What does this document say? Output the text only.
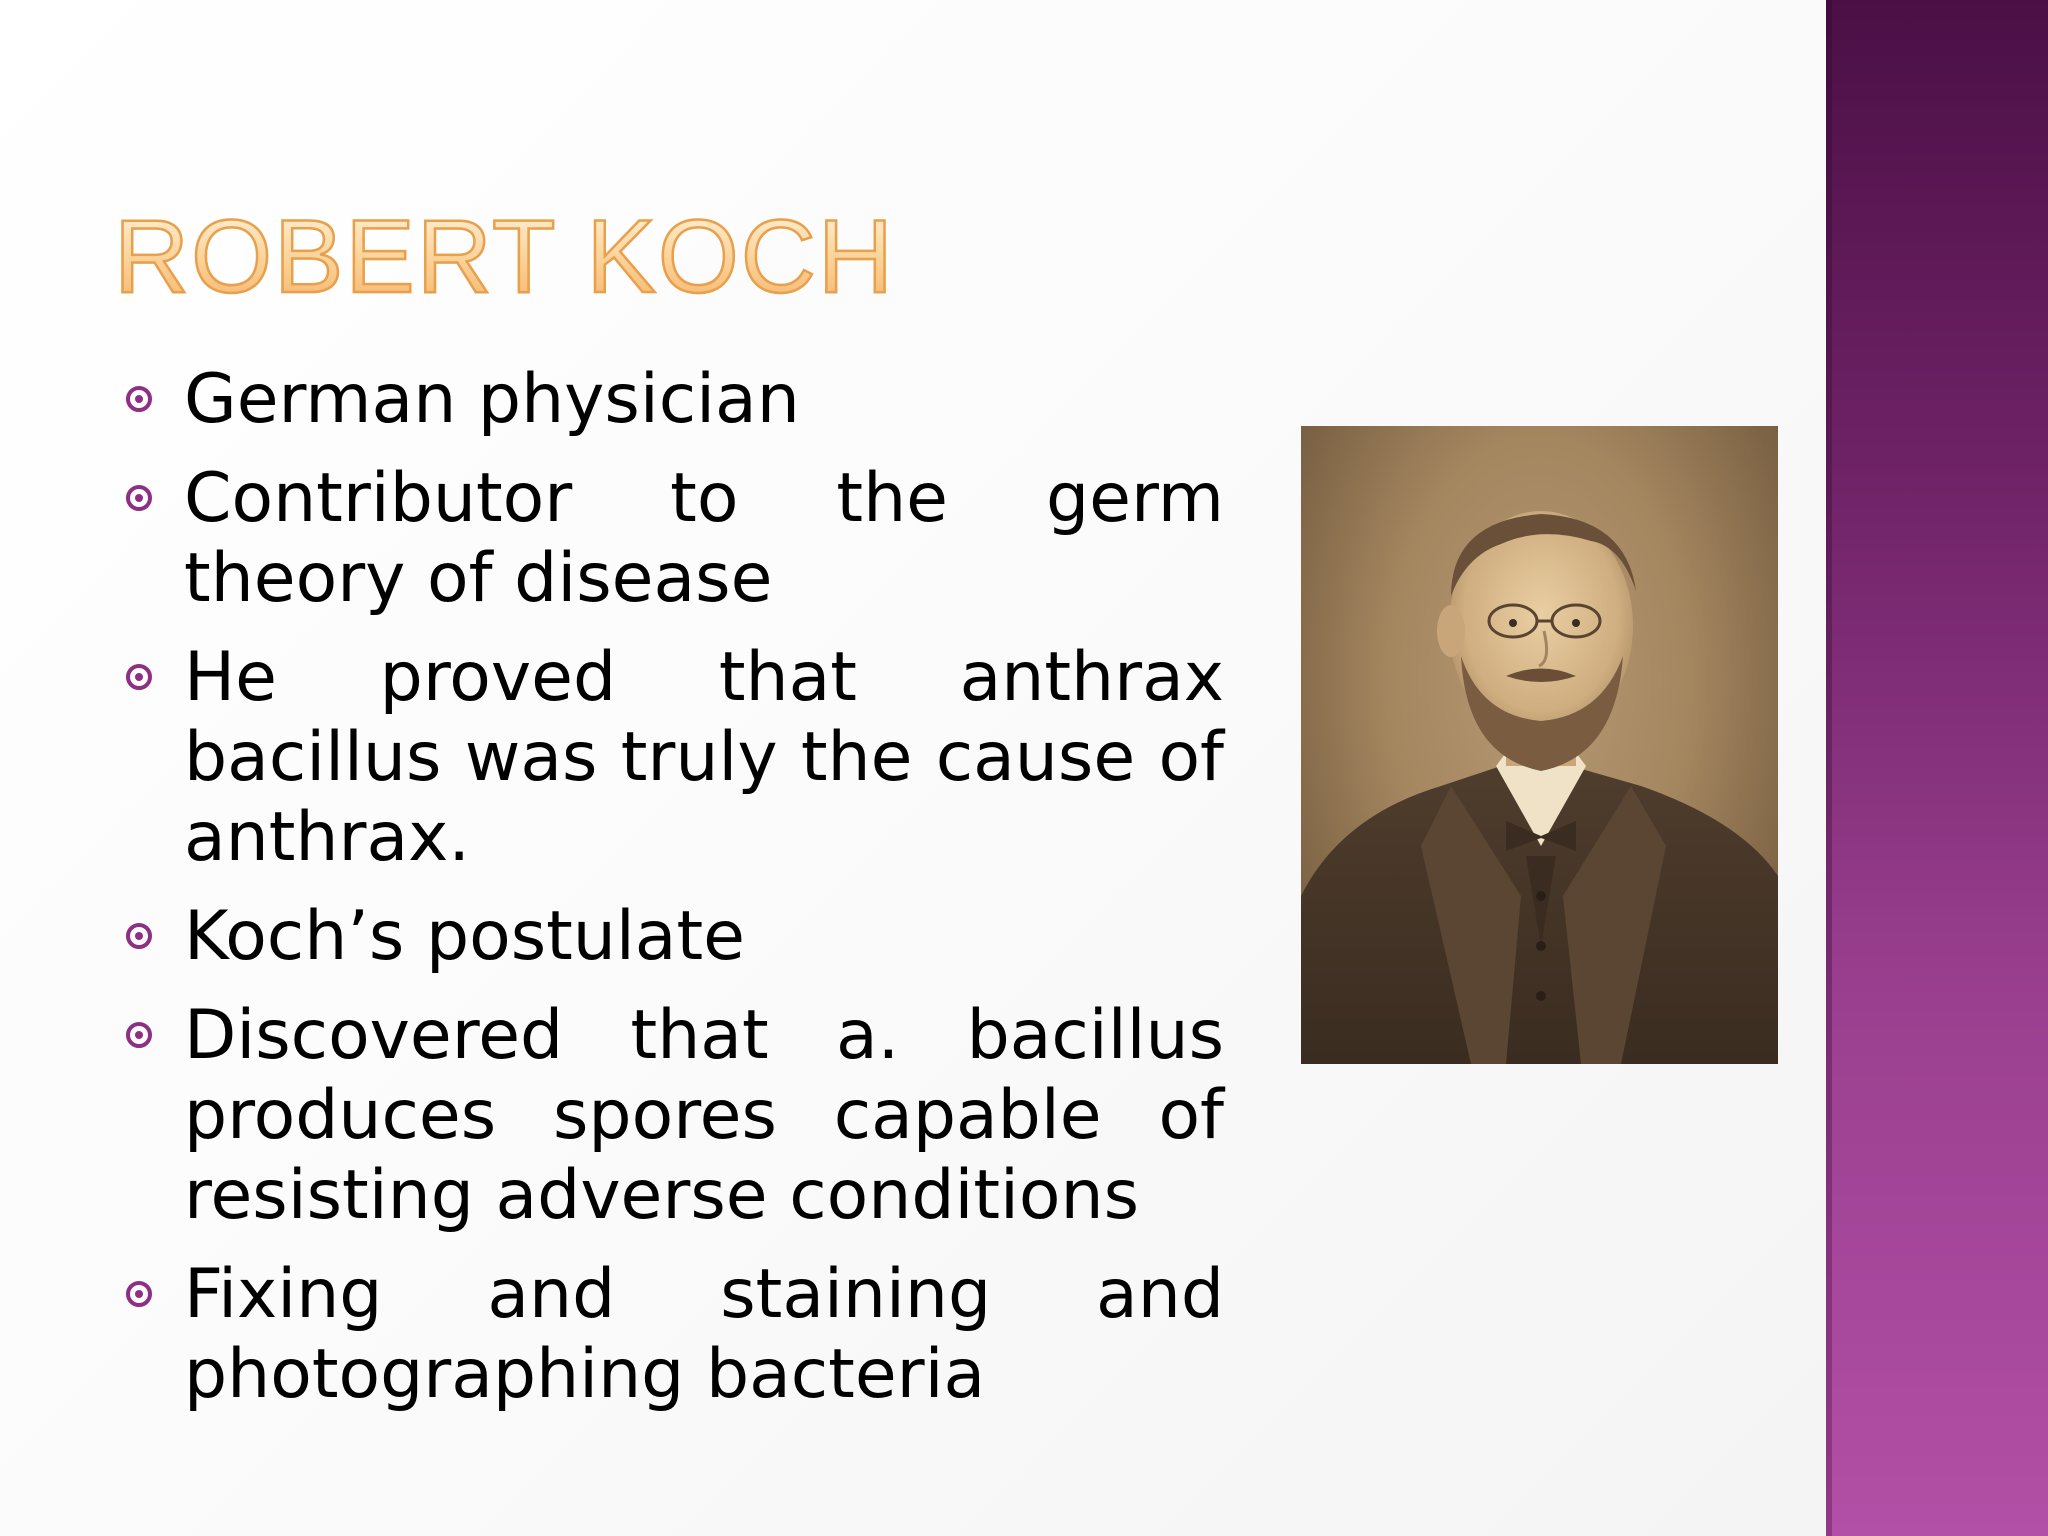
ROBERT KOCH
German physician
Contributor to the germ theory of disease
He proved that anthrax bacillus was truly the cause of anthrax.
Koch’s postulate
Discovered that a. bacillus produces spores capable of resisting adverse conditions
Fixing and staining and photographing bacteria
